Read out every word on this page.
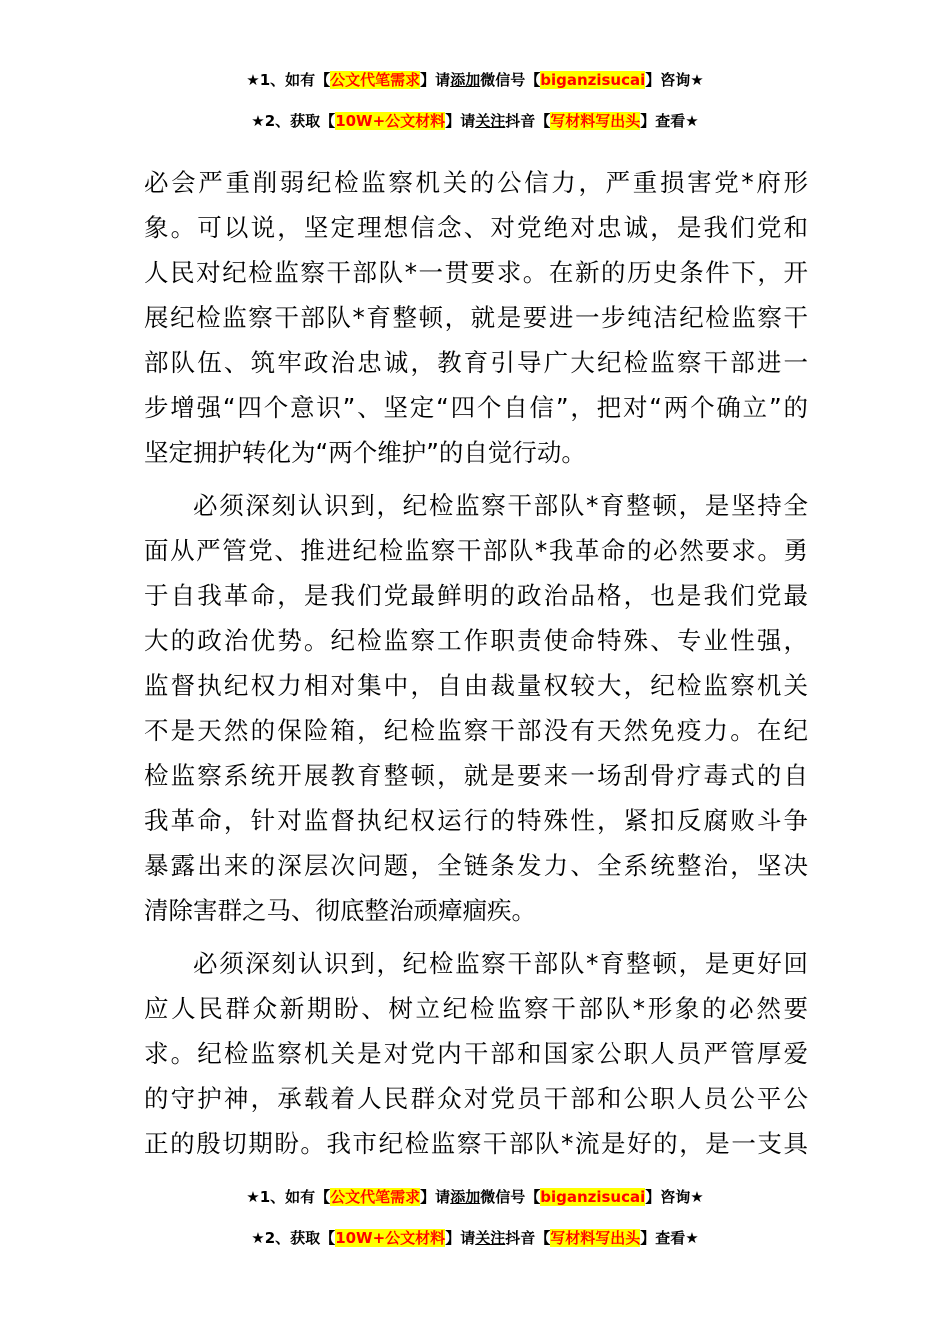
★1、如有【公文代笔需求】请添加微信号【biganzisucai】咨询★
★2、获取【10W+公文材料】请关注抖音【写材料写出头】查看★
必会严重削弱纪检监察机关的公信力，严重损害党*府形
象。可以说，坚定理想信念、对党绝对忠诚，是我们党和
人民对纪检监察干部队*一贯要求。在新的历史条件下，开
展纪检监察干部队*育整顿，就是要进一步纯洁纪检监察干
部队伍、筑牢政治忠诚，教育引导广大纪检监察干部进一
步增强“四个意识”、坚定“四个自信”，把对“两个确立”的
坚定拥护转化为“两个维护”的自觉行动。
必须深刻认识到，纪检监察干部队*育整顿，是坚持全
面从严管党、推进纪检监察干部队*我革命的必然要求。勇
于自我革命，是我们党最鲜明的政治品格，也是我们党最
大的政治优势。纪检监察工作职责使命特殊、专业性强，
监督执纪权力相对集中，自由裁量权较大，纪检监察机关
不是天然的保险箱，纪检监察干部没有天然免疫力。在纪
检监察系统开展教育整顿，就是要来一场刮骨疗毒式的自
我革命，针对监督执纪权运行的特殊性，紧扣反腐败斗争
暴露出来的深层次问题，全链条发力、全系统整治，坚决
清除害群之马、彻底整治顽瘴痼疾。
必须深刻认识到，纪检监察干部队*育整顿，是更好回
应人民群众新期盼、树立纪检监察干部队*形象的必然要
求。纪检监察机关是对党内干部和国家公职人员严管厚爱
的守护神，承载着人民群众对党员干部和公职人员公平公
正的殷切期盼。我市纪检监察干部队*流是好的，是一支具
★1、如有【公文代笔需求】请添加微信号【biganzisucai】咨询★
★2、获取【10W+公文材料】请关注抖音【写材料写出头】查看★
